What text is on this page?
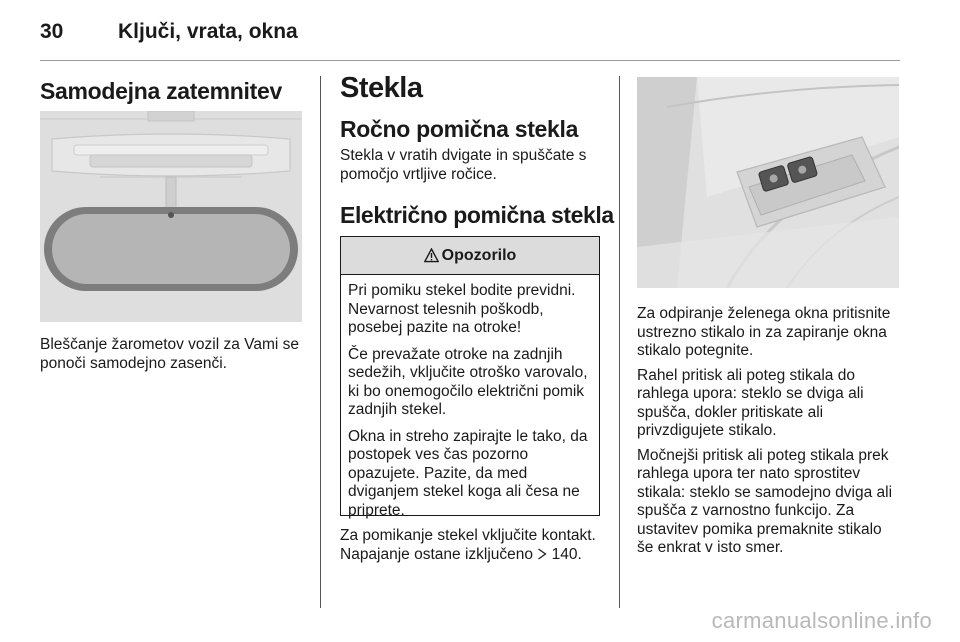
30	Ključi, vrata, okna
Samodejna zatemnitev
Bleščanje žarometov vozil za Vami se ponoči samodejno zasenči.
Stekla
Ročno pomična stekla
Stekla v vratih dvigate in spuščate s pomočjo vrtljive ročice.
Električno pomična stekla
Opozorilo

Pri pomiku stekel bodite previdni. Nevarnost telesnih poškodb, posebej pazite na otroke!

Če prevažate otroke na zadnjih sedežih, vključite otroško varovalo, ki bo onemogočilo električni pomik zadnjih stekel.

Okna in streho zapirajte le tako, da postopek ves čas pozorno opazujete. Pazite, da med dviganjem stekel koga ali česa ne priprete.

Za pomikanje stekel vključite kontakt. Napajanje ostane izključeno 140.

Za odpiranje želenega okna pritisnite ustrezno stikalo in za zapiranje okna stikalo potegnite.

Rahel pritisk ali poteg stikala do rahlega upora: steklo se dviga ali spušča, dokler pritiskate ali privzdigujete stikalo.

Močnejši pritisk ali poteg stikala prek rahlega upora ter nato sprostitev stikala: steklo se samodejno dviga ali spušča z varnostno funkcijo. Za ustavitev pomika premaknite stikalo še enkrat v isto smer.

carmanualsonline.info
